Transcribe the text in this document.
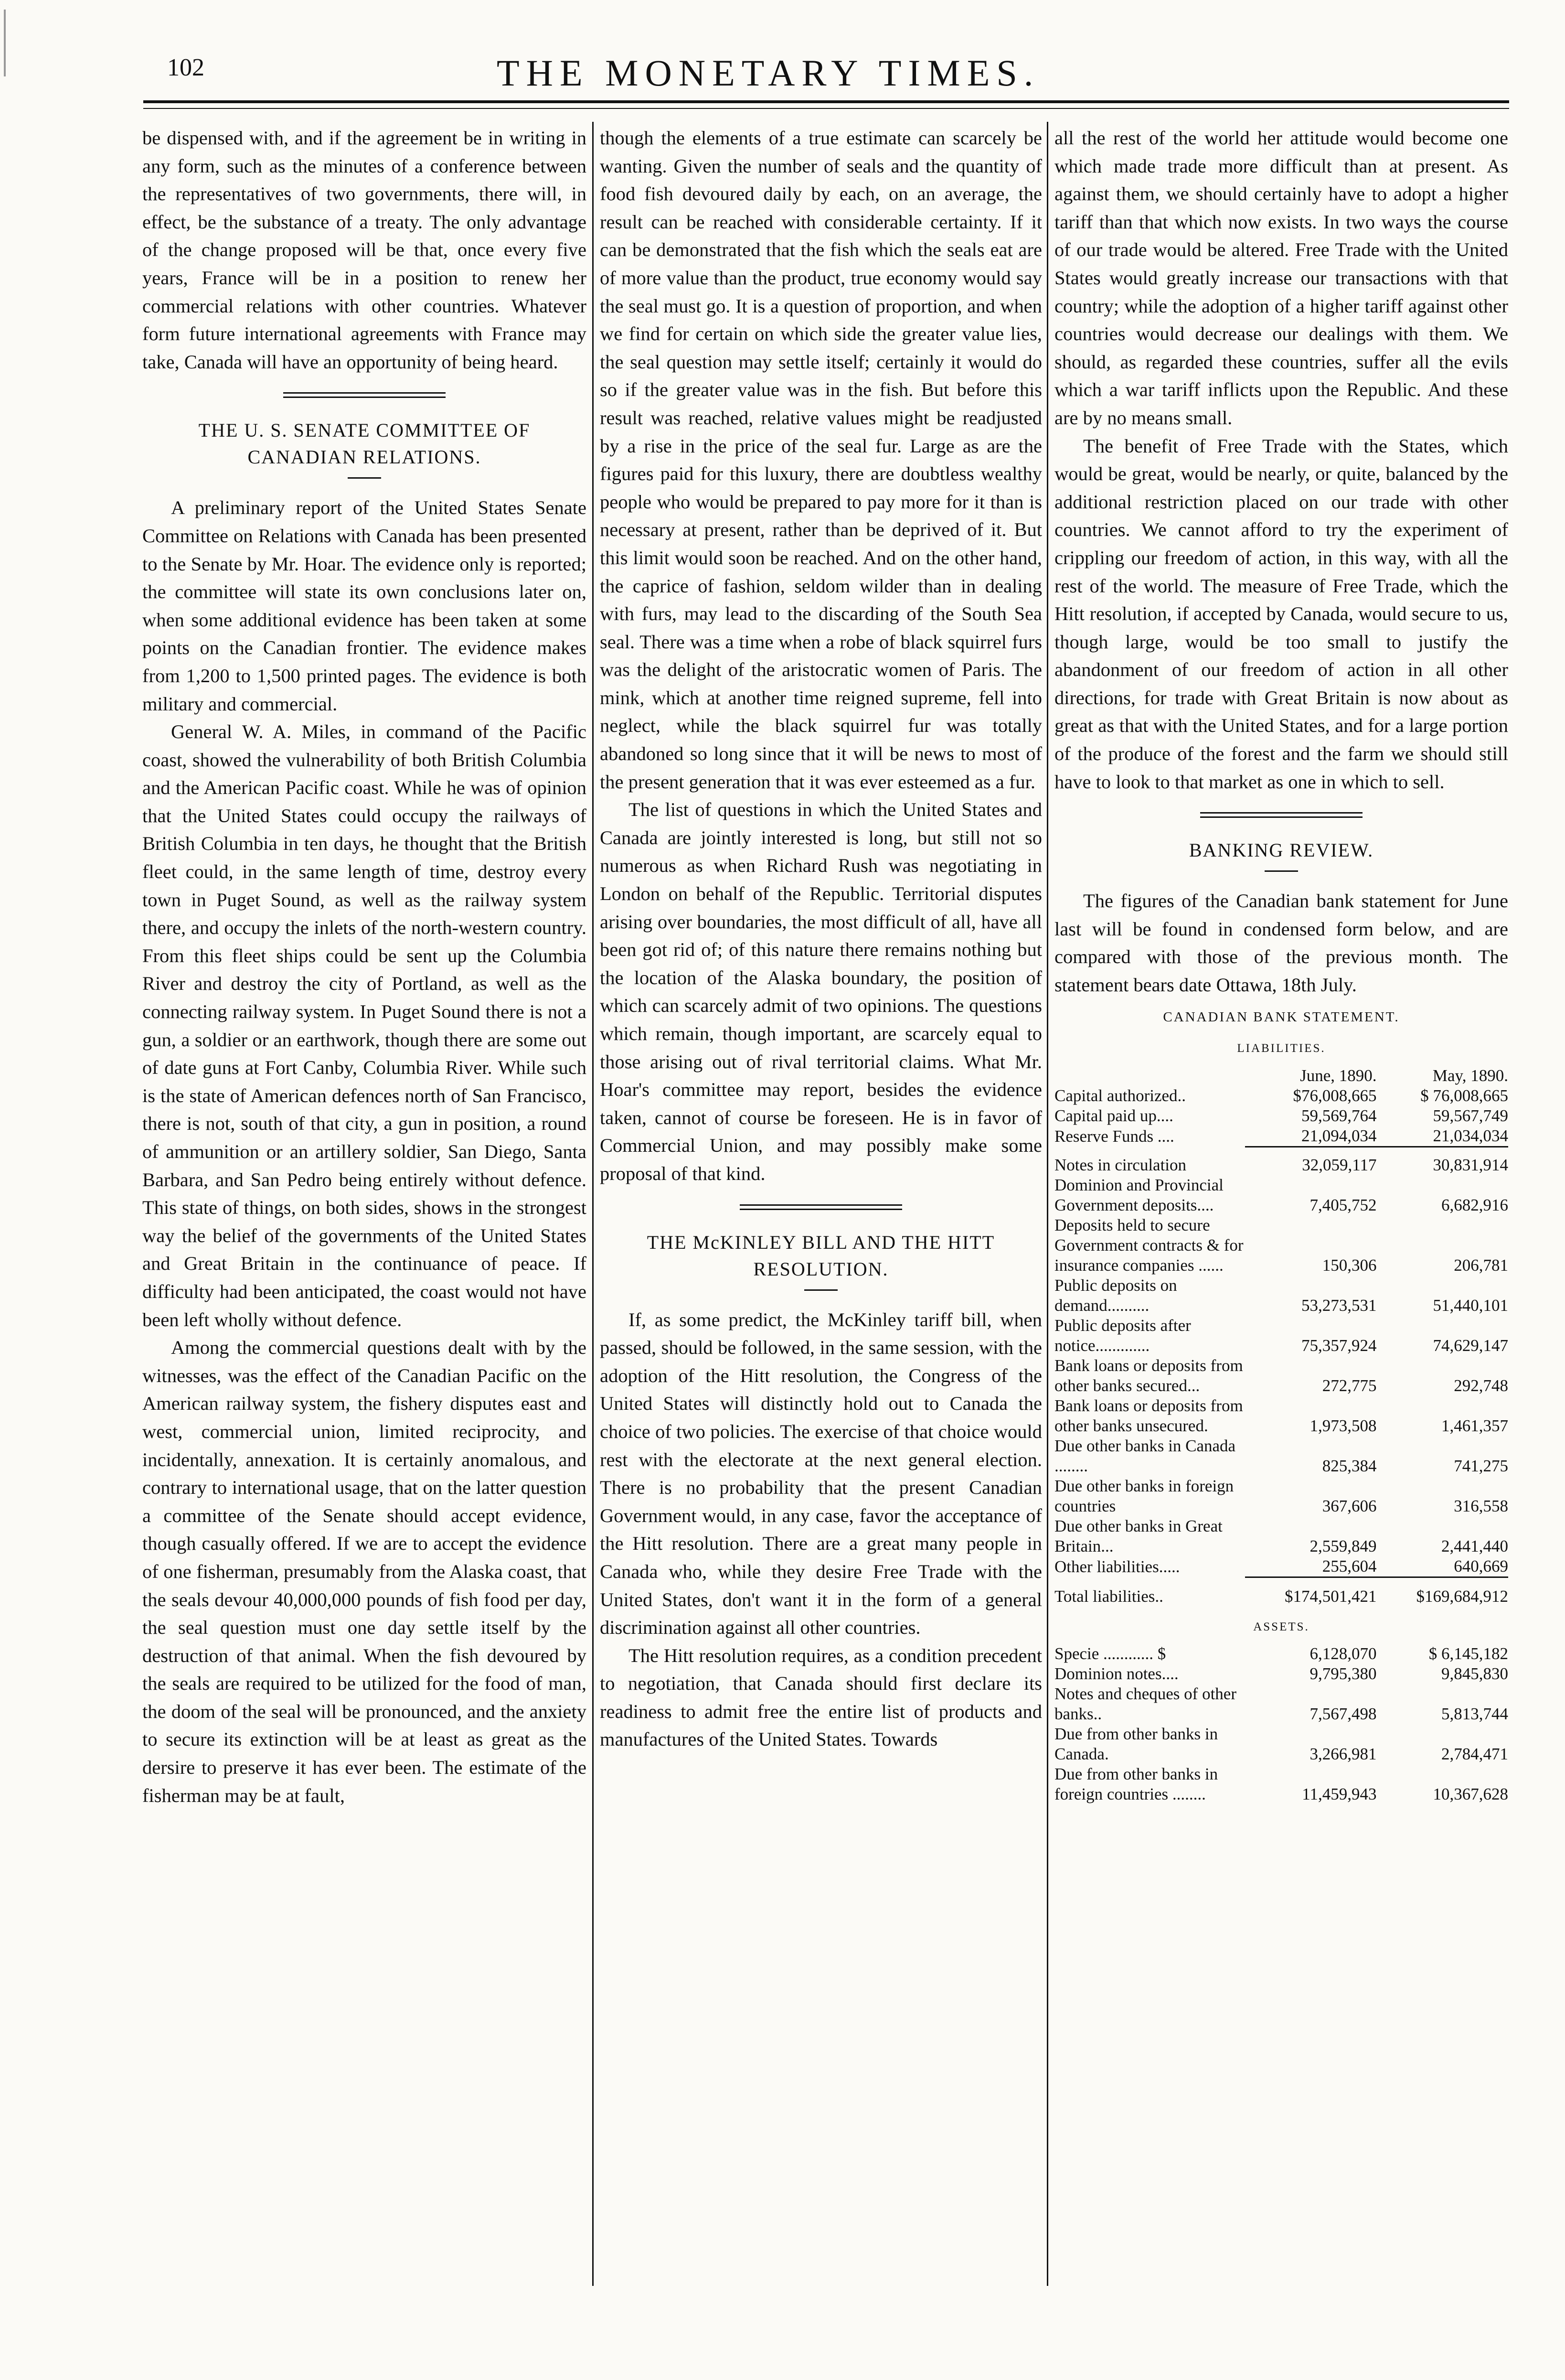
102	THE MONETARY TIMES.

be dispensed with, and if the agreement be in writing in any form, such as the minutes of a conference between the representatives of two governments, there will, in effect, be the substance of a treaty. The only advantage of the change proposed will be that, once every five years, France will be in a position to renew her commercial relations with other countries. Whatever form future international agreements with France may take, Canada will have an opportunity of being heard.

THE U. S. SENATE COMMITTEE OF CANADIAN RELATIONS.

A preliminary report of the United States Senate Committee on Relations with Canada has been presented to the Senate by Mr. Hoar. The evidence only is reported; the committee will state its own conclusions later on, when some additional evidence has been taken at some points on the Canadian frontier. The evidence makes from 1,200 to 1,500 printed pages. The evidence is both military and commercial.

General W. A. Miles, in command of the Pacific coast, showed the vulnerability of both British Columbia and the American Pacific coast. While he was of opinion that the United States could occupy the railways of British Columbia in ten days, he thought that the British fleet could, in the same length of time, destroy every town in Puget Sound, as well as the railway system there, and occupy the inlets of the north-western country. From this fleet ships could be sent up the Columbia River and destroy the city of Portland, as well as the connecting railway system. In Puget Sound there is not a gun, a soldier or an earthwork, though there are some out of date guns at Fort Canby, Columbia River. While such is the state of American defences north of San Francisco, there is not, south of that city, a gun in position, a round of ammunition or an artillery soldier, San Diego, Santa Barbara, and San Pedro being entirely without defence. This state of things, on both sides, shows in the strongest way the belief of the governments of the United States and Great Britain in the continuance of peace. If difficulty had been anticipated, the coast would not have been left wholly without defence.

Among the commercial questions dealt with by the witnesses, was the effect of the Canadian Pacific on the American railway system, the fishery disputes east and west, commercial union, limited reciprocity, and incidentally, annexation. It is certainly anomalous, and contrary to international usage, that on the latter question a committee of the Senate should accept evidence, though casually offered. If we are to accept the evidence of one fisherman, presumably from the Alaska coast, that the seals devour 40,000,000 pounds of fish food per day, the seal question must one day settle itself by the destruction of that animal. When the fish devoured by the seals are required to be utilized for the food of man, the doom of the seal will be pronounced, and the anxiety to secure its extinction will be at least as great as the dersire to preserve it has ever been. The estimate of the fisherman may be at fault,

though the elements of a true estimate can scarcely be wanting. Given the number of seals and the quantity of food fish devoured daily by each, on an average, the result can be reached with considerable certainty. If it can be demonstrated that the fish which the seals eat are of more value than the product, true economy would say the seal must go. It is a question of proportion, and when we find for certain on which side the greater value lies, the seal question may settle itself; certainly it would do so if the greater value was in the fish. But before this result was reached, relative values might be readjusted by a rise in the price of the seal fur. Large as are the figures paid for this luxury, there are doubtless wealthy people who would be prepared to pay more for it than is necessary at present, rather than be deprived of it. But this limit would soon be reached. And on the other hand, the caprice of fashion, seldom wilder than in dealing with furs, may lead to the discarding of the South Sea seal. There was a time when a robe of black squirrel furs was the delight of the aristocratic women of Paris. The mink, which at another time reigned supreme, fell into neglect, while the black squirrel fur was totally abandoned so long since that it will be news to most of the present generation that it was ever esteemed as a fur.

The list of questions in which the United States and Canada are jointly interested is long, but still not so numerous as when Richard Rush was negotiating in London on behalf of the Republic. Territorial disputes arising over boundaries, the most difficult of all, have all been got rid of; of this nature there remains nothing but the location of the Alaska boundary, the position of which can scarcely admit of two opinions. The questions which remain, though important, are scarcely equal to those arising out of rival territorial claims. What Mr. Hoar's committee may report, besides the evidence taken, cannot of course be foreseen. He is in favor of Commercial Union, and may possibly make some proposal of that kind.

THE McKINLEY BILL AND THE HITT RESOLUTION.

If, as some predict, the McKinley tariff bill, when passed, should be followed, in the same session, with the adoption of the Hitt resolution, the Congress of the United States will distinctly hold out to Canada the choice of two policies. The exercise of that choice would rest with the electorate at the next general election. There is no probability that the present Canadian Government would, in any case, favor the acceptance of the Hitt resolution. There are a great many people in Canada who, while they desire Free Trade with the United States, don't want it in the form of a general discrimination against all other countries.

The Hitt resolution requires, as a condition precedent to negotiation, that Canada should first declare its readiness to admit free the entire list of products and manufactures of the United States. Towards

all the rest of the world her attitude would become one which made trade more difficult than at present. As against them, we should certainly have to adopt a higher tariff than that which now exists. In two ways the course of our trade would be altered. Free Trade with the United States would greatly increase our transactions with that country; while the adoption of a higher tariff against other countries would decrease our dealings with them. We should, as regarded these countries, suffer all the evils which a war tariff inflicts upon the Republic. And these are by no means small.

The benefit of Free Trade with the States, which would be great, would be nearly, or quite, balanced by the additional restriction placed on our trade with other countries. We cannot afford to try the experiment of crippling our freedom of action, in this way, with all the rest of the world. The measure of Free Trade, which the Hitt resolution, if accepted by Canada, would secure to us, though large, would be too small to justify the abandonment of our freedom of action in all other directions, for trade with Great Britain is now about as great as that with the United States, and for a large portion of the produce of the forest and the farm we should still have to look to that market as one in which to sell.

BANKING REVIEW.

The figures of the Canadian bank statement for June last will be found in condensed form below, and are compared with those of the previous month. The statement bears date Ottawa, 18th July.

CANADIAN BANK STATEMENT.
LIABILITIES.
	June, 1890.	May, 1890.
Capital authorized..	$76,008,665	$ 76,008,665
Capital paid up....	59,569,764	59,567,749
Reserve Funds ....	21,094,034	21,034,034
Notes in circulation	32,059,117	30,831,914
Dominion and Provincial Government deposits....	7,405,752	6,682,916
Deposits held to secure Government contracts & for insurance companies ......	150,306	206,781
Public deposits on demand..........	53,273,531	51,440,101
Public deposits after notice.............	75,357,924	74,629,147
Bank loans or deposits from other banks secured...	272,775	292,748
Bank loans or deposits from other banks unsecured.	1,973,508	1,461,357
Due other banks in Canada ........	825,384	741,275
Due other banks in foreign countries	367,606	316,558
Due other banks in Great Britain...	2,559,849	2,441,440
Other liabilities.....	255,604	640,669
Total liabilities..	$174,501,421	$169,684,912
ASSETS.
Specie ............ $	6,128,070	$ 6,145,182
Dominion notes....	9,795,380	9,845,830
Notes and cheques of other banks..	7,567,498	5,813,744
Due from other banks in Canada.	3,266,981	2,784,471
Due from other banks in foreign countries ........	11,459,943	10,367,628
